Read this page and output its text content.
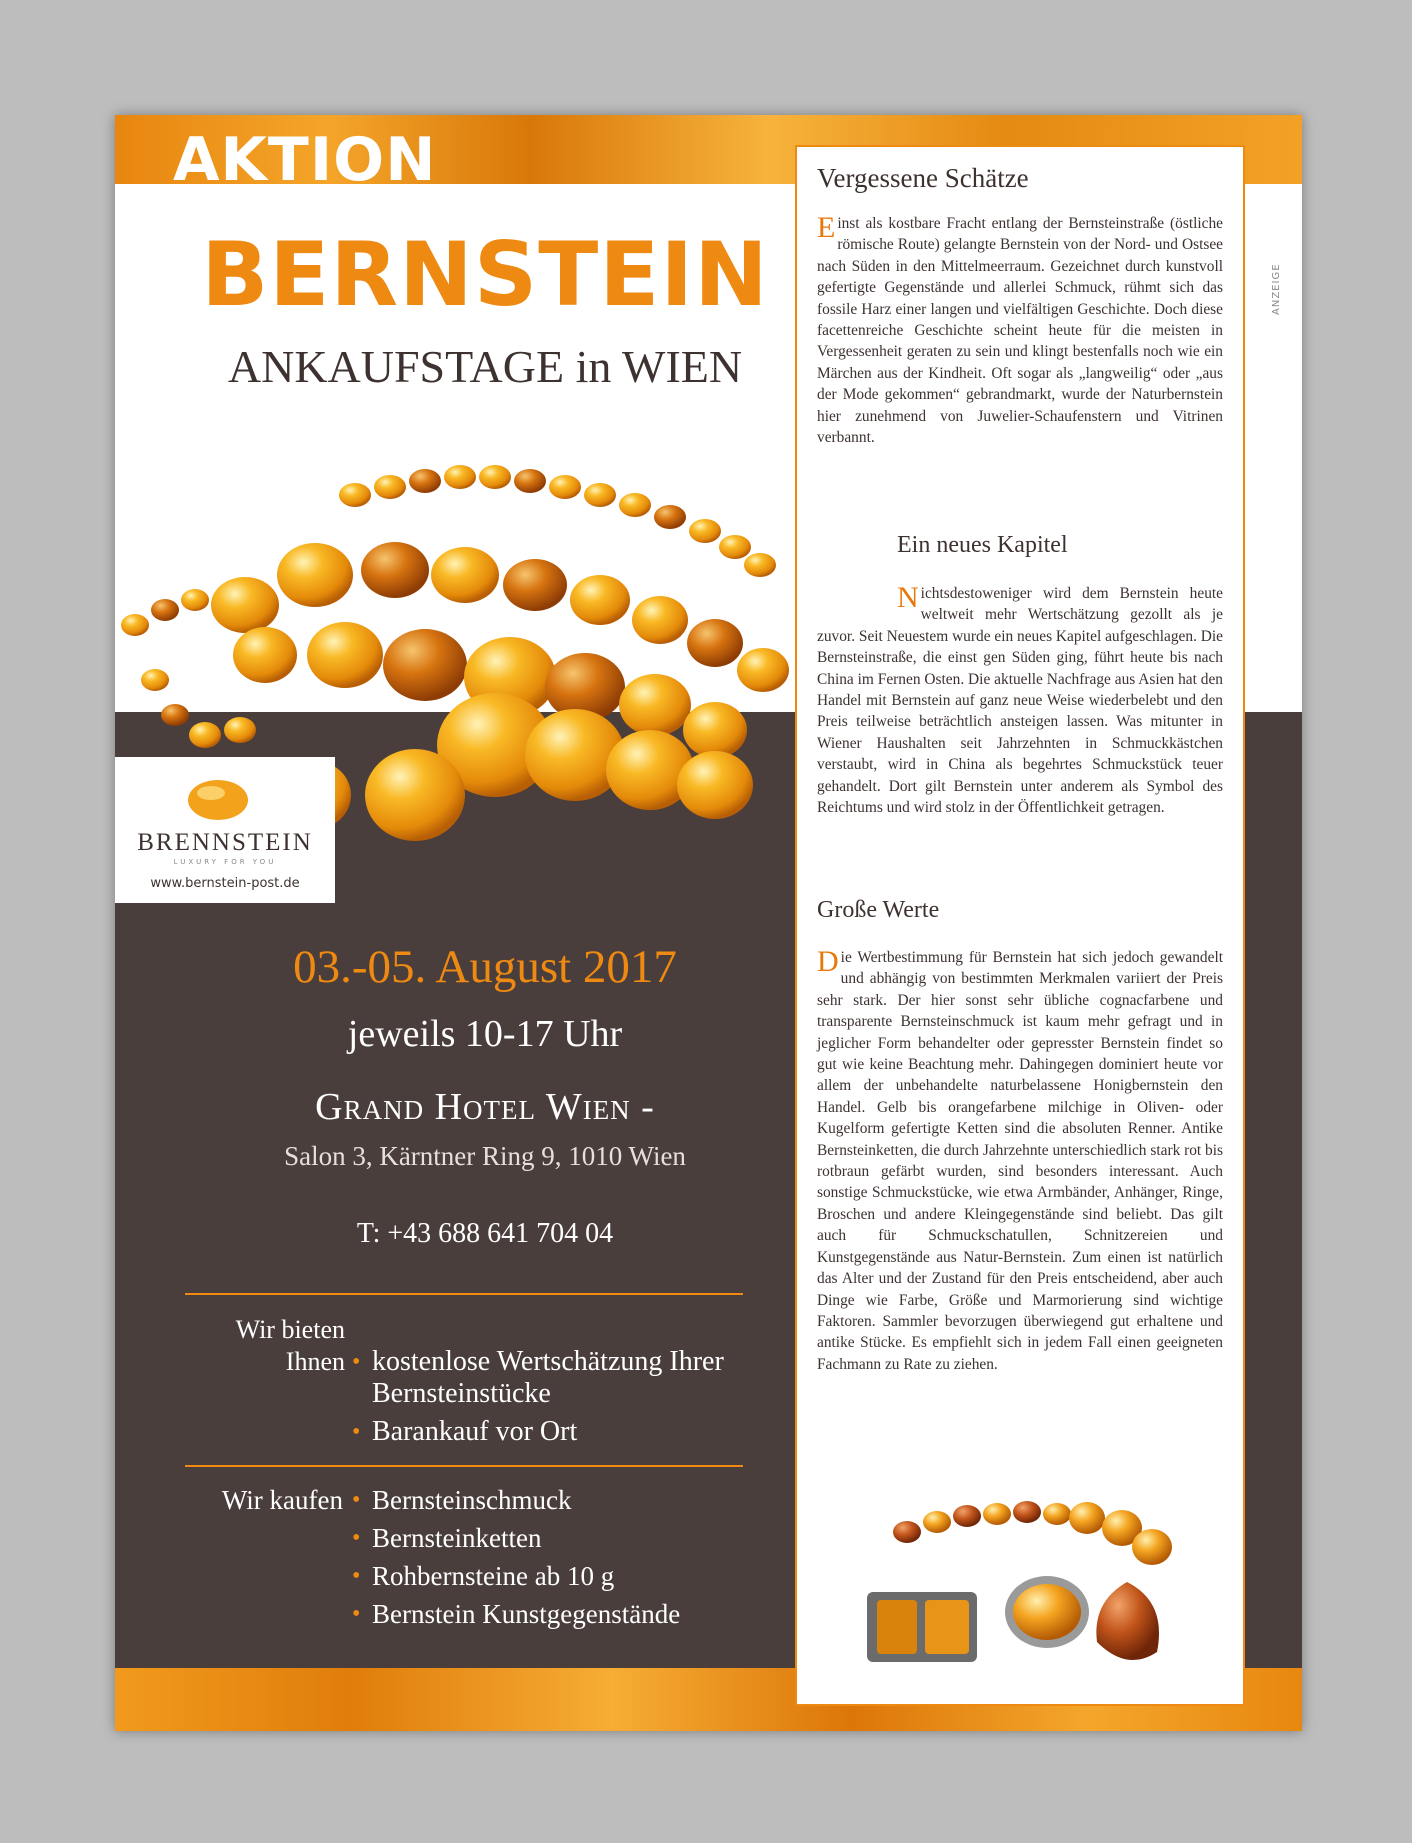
AKTION
BERNSTEIN
ANKAUFSTAGE in WIEN
BRENNSTEIN
LUXURY FOR YOU
www.bernstein-post.de
03.-05. August 2017
jeweils 10-17 Uhr
Grand Hotel Wien -
Salon 3, Kärntner Ring 9, 1010 Wien
T: +43 688 641 704 04
Wir bieten
Ihnen • kostenlose Wertschätzung Ihrer Bernsteinstücke
• Barankauf vor Ort
Wir kaufen	• Bernsteinschmuck
• Bernsteinketten
• Rohbernsteine ab 10 g
• Bernstein Kunstgegenstände
ANZEIGE
Vergessene Schätze

Einst als kostbare Fracht entlang der Bernsteinstraße (östliche römische Route) gelangte Bernstein von der Nord- und Ostsee nach Süden in den Mittelmeerraum. Gezeichnet durch kunstvoll gefertigte Gegenstände und allerlei Schmuck, rühmt sich das fossile Harz einer langen und vielfältigen Geschichte. Doch diese facettenreiche Geschichte scheint heute für die meisten in Vergessenheit geraten zu sein und klingt bestenfalls noch wie ein Märchen aus der Kindheit. Oft sogar als „langweilig“ oder „aus der Mode gekommen“ gebrandmarkt, wurde der Naturbernstein hier zunehmend von Juwelier-Schaufenstern und Vitrinen verbannt.

Ein neues Kapitel

Nichtsdestoweniger wird dem Bernstein heute weltweit mehr Wertschätzung gezollt als je zuvor. Seit Neuestem wurde ein neues Kapitel aufgeschlagen. Die Bernsteinstraße, die einst gen Süden ging, führt heute bis nach China im Fernen Osten. Die aktuelle Nachfrage aus Asien hat den Handel mit Bernstein auf ganz neue Weise wiederbelebt und den Preis teilweise beträchtlich ansteigen lassen. Was mitunter in Wiener Haushalten seit Jahrzehnten in Schmuckkästchen verstaubt, wird in China als begehrtes Schmuckstück teuer gehandelt. Dort gilt Bernstein unter anderem als Symbol des Reichtums und wird stolz in der Öffentlichkeit getragen.

Große Werte

Die Wertbestimmung für Bernstein hat sich jedoch gewandelt und abhängig von bestimmten Merkmalen variiert der Preis sehr stark. Der hier sonst sehr übliche cognacfarbene und transparente Bernsteinschmuck ist kaum mehr gefragt und in jeglicher Form behandelter oder gepresster Bernstein findet so gut wie keine Beachtung mehr. Dahingegen dominiert heute vor allem der unbehandelte naturbelassene Honigbernstein den Handel. Gelb bis orangefarbene milchige in Oliven- oder Kugelform gefertigte Ketten sind die absoluten Renner. Antike Bernsteinketten, die durch Jahrzehnte unterschiedlich stark rot bis rotbraun gefärbt wurden, sind besonders interessant. Auch sonstige Schmuckstücke, wie etwa Armbänder, Anhänger, Ringe, Broschen und andere Kleingegenstände sind beliebt. Das gilt auch für Schmuckschatullen, Schnitzereien und Kunstgegenstände aus Natur-Bernstein. Zum einen ist natürlich das Alter und der Zustand für den Preis entscheidend, aber auch Dinge wie Farbe, Größe und Marmorierung sind wichtige Faktoren. Sammler bevorzugen überwiegend gut erhaltene und antike Stücke. Es empfiehlt sich in jedem Fall einen geeigneten Fachmann zu Rate zu ziehen.
